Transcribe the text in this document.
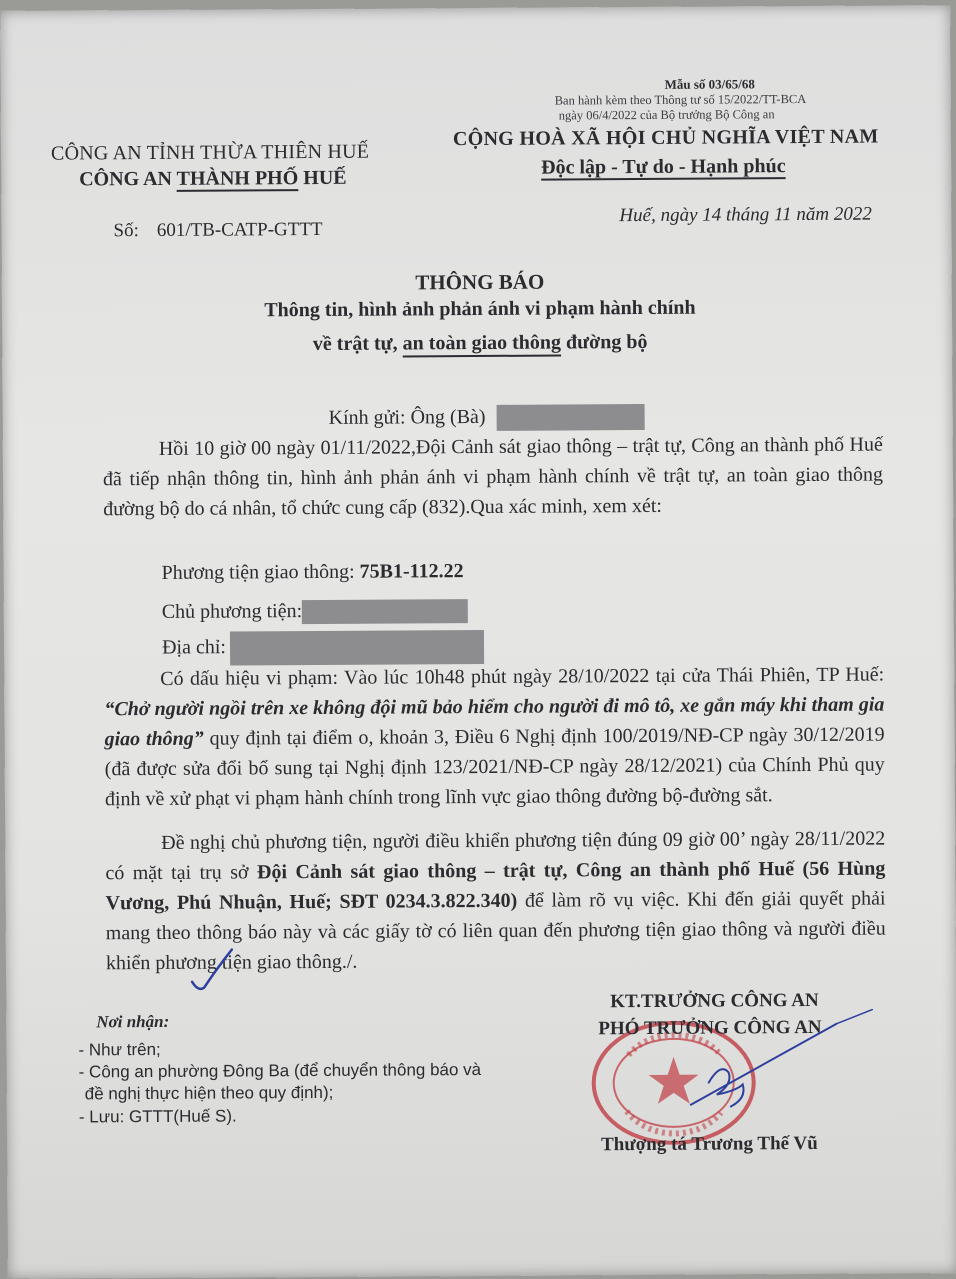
Mẫu số 03/65/68
Ban hành kèm theo Thông tư số 15/2022/TT-BCA
ngày 06/4/2022 của Bộ trưởng Bộ Công an
CÔNG AN TỈNH THỪA THIÊN HUẾ
CÔNG AN THÀNH PHỐ HUẾ
CỘNG HOÀ XÃ HỘI CHỦ NGHĨA VIỆT NAM
Độc lập - Tự do - Hạnh phúc
Số: 601/TB-CATP-GTTT
Huế, ngày 14 tháng 11 năm 2022
THÔNG BÁO
Thông tin, hình ảnh phản ánh vi phạm hành chính
về trật tự, an toàn giao thông đường bộ
Kính gửi: Ông (Bà)
Hồi 10 giờ 00 ngày 01/11/2022,Đội Cảnh sát giao thông – trật tự, Công an thành phố Huế đã tiếp nhận thông tin, hình ảnh phản ánh vi phạm hành chính về trật tự, an toàn giao thông đường bộ do cá nhân, tổ chức cung cấp (832).Qua xác minh, xem xét:
Phương tiện giao thông: 75B1-112.22
Chủ phương tiện:
Địa chỉ:
Có dấu hiệu vi phạm: Vào lúc 10h48 phút ngày 28/10/2022 tại cửa Thái Phiên, TP Huế: “Chở người ngồi trên xe không đội mũ bảo hiểm cho người đi mô tô, xe gắn máy khi tham gia giao thông” quy định tại điểm o, khoản 3, Điều 6 Nghị định 100/2019/NĐ-CP ngày 30/12/2019 (đã được sửa đổi bổ sung tại Nghị định 123/2021/NĐ-CP ngày 28/12/2021) của Chính Phủ quy định về xử phạt vi phạm hành chính trong lĩnh vực giao thông đường bộ-đường sắt.
Đề nghị chủ phương tiện, người điều khiển phương tiện đúng 09 giờ 00’ ngày 28/11/2022 có mặt tại trụ sở Đội Cảnh sát giao thông – trật tự, Công an thành phố Huế (56 Hùng Vương, Phú Nhuận, Huế; SĐT 0234.3.822.340) để làm rõ vụ việc. Khi đến giải quyết phải mang theo thông báo này và các giấy tờ có liên quan đến phương tiện giao thông và người điều khiển phương tiện giao thông./.
Nơi nhận:
- Như trên;
- Công an phường Đông Ba (để chuyển thông báo và
đề nghị thực hiện theo quy định);
- Lưu: GTTT(Huế S).
KT.TRƯỞNG CÔNG AN
PHÓ TRƯỞNG CÔNG AN
Thượng tá Trương Thế Vũ
